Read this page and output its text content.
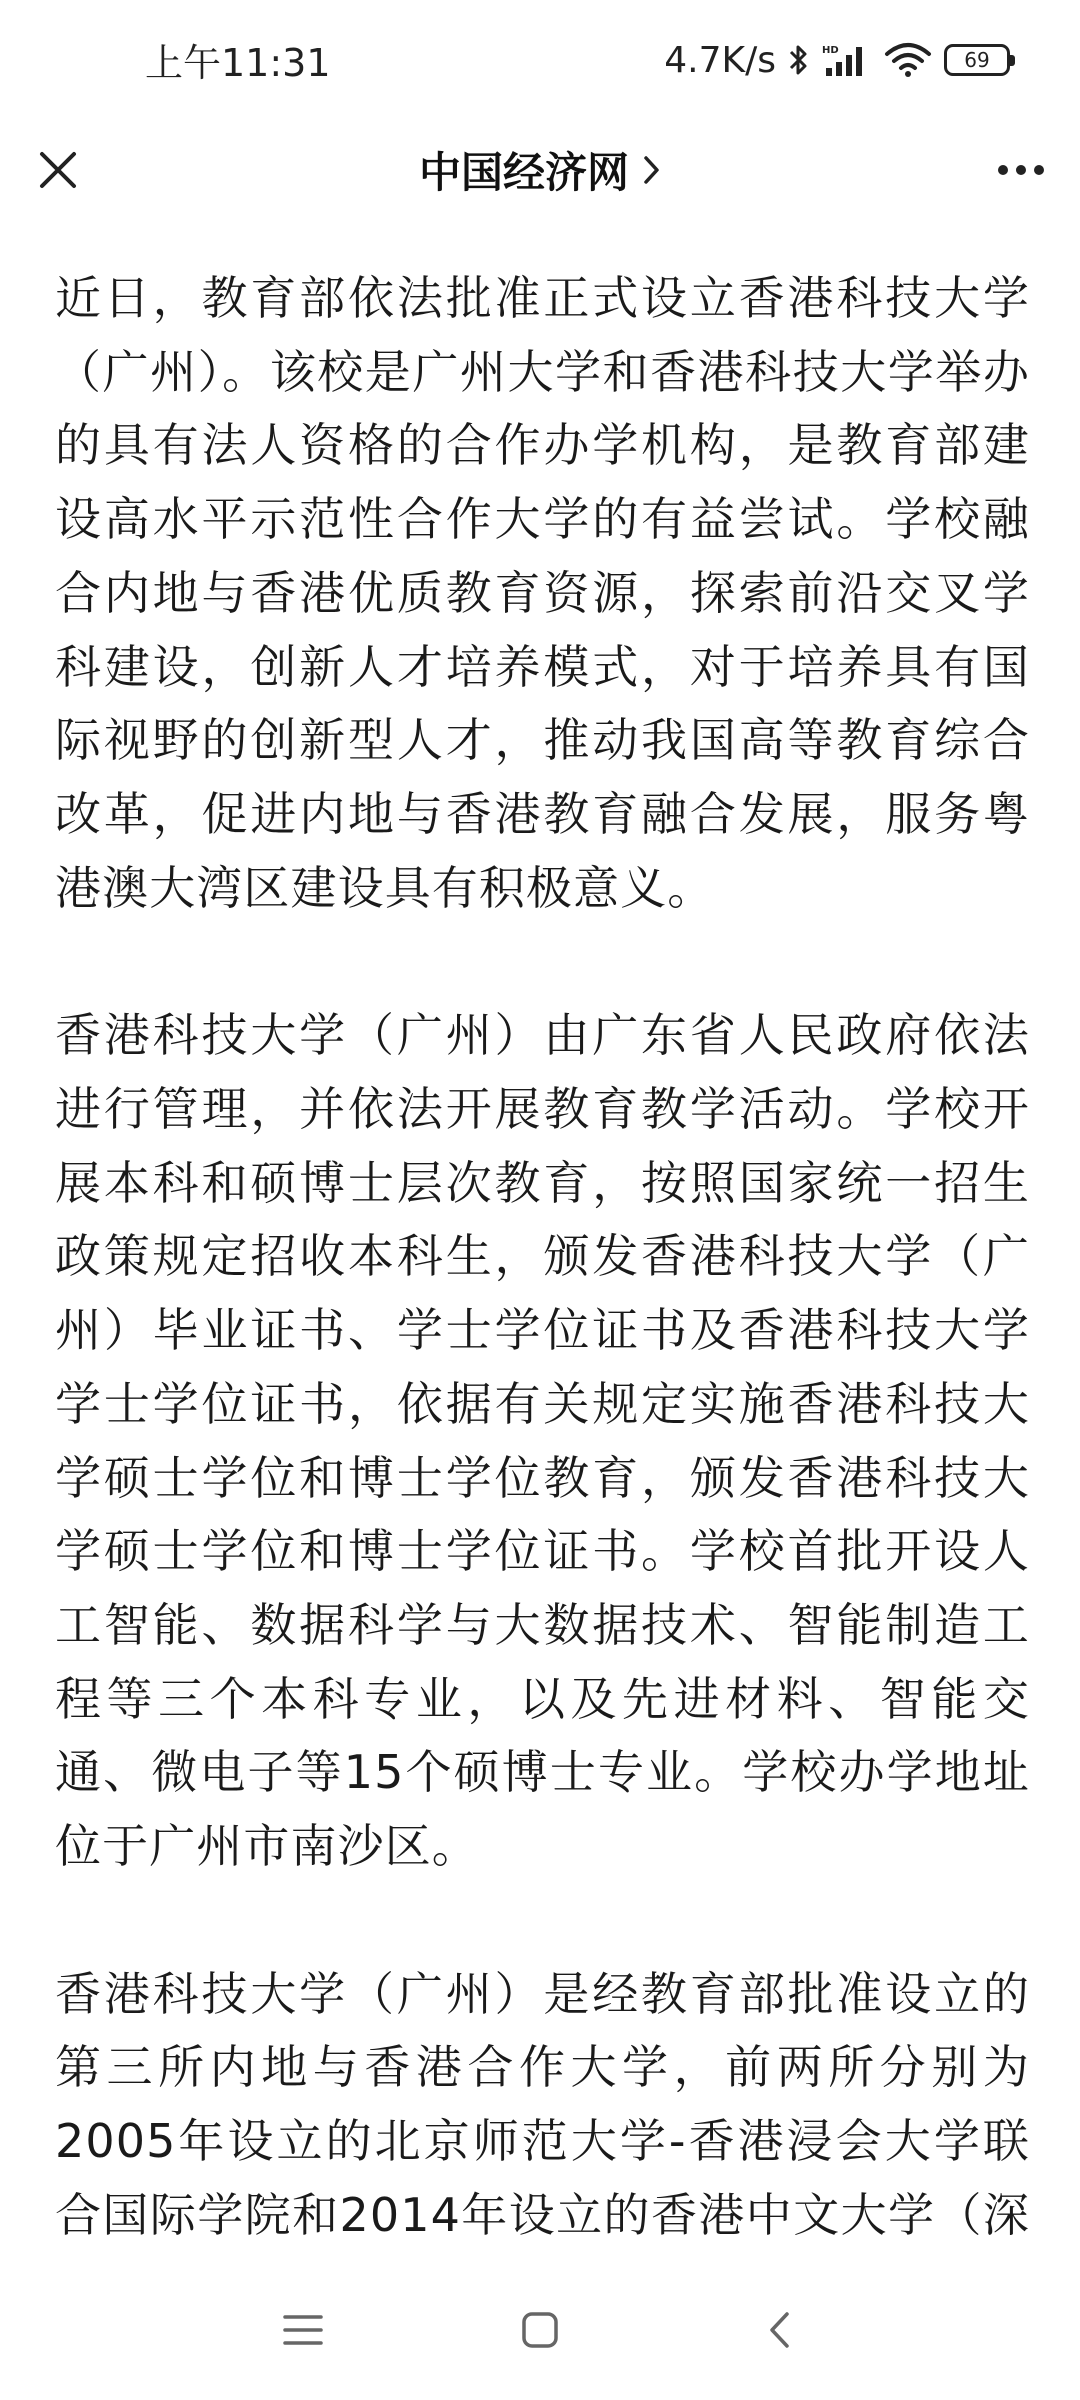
上午11:31	4.7K/s	HD	69
中国经济网

近日，教育部依法批准正式设立香港科技大学（广州）。该校是广州大学和香港科技大学举办的具有法人资格的合作办学机构，是教育部建设高水平示范性合作大学的有益尝试。学校融合内地与香港优质教育资源，探索前沿交叉学科建设，创新人才培养模式，对于培养具有国际视野的创新型人才，推动我国高等教育综合改革，促进内地与香港教育融合发展，服务粤港澳大湾区建设具有积极意义。

香港科技大学（广州）由广东省人民政府依法进行管理，并依法开展教育教学活动。学校开展本科和硕博士层次教育，按照国家统一招生政策规定招收本科生，颁发香港科技大学（广州）毕业证书、学士学位证书及香港科技大学学士学位证书，依据有关规定实施香港科技大学硕士学位和博士学位教育，颁发香港科技大学硕士学位和博士学位证书。学校首批开设人工智能、数据科学与大数据技术、智能制造工程等三个本科专业，以及先进材料、智能交通、微电子等15个硕博士专业。学校办学地址位于广州市南沙区。

香港科技大学（广州）是经教育部批准设立的第三所内地与香港合作大学，前两所分别为2005年设立的北京师范大学-香港浸会大学联合国际学院和2014年设立的香港中文大学（深
